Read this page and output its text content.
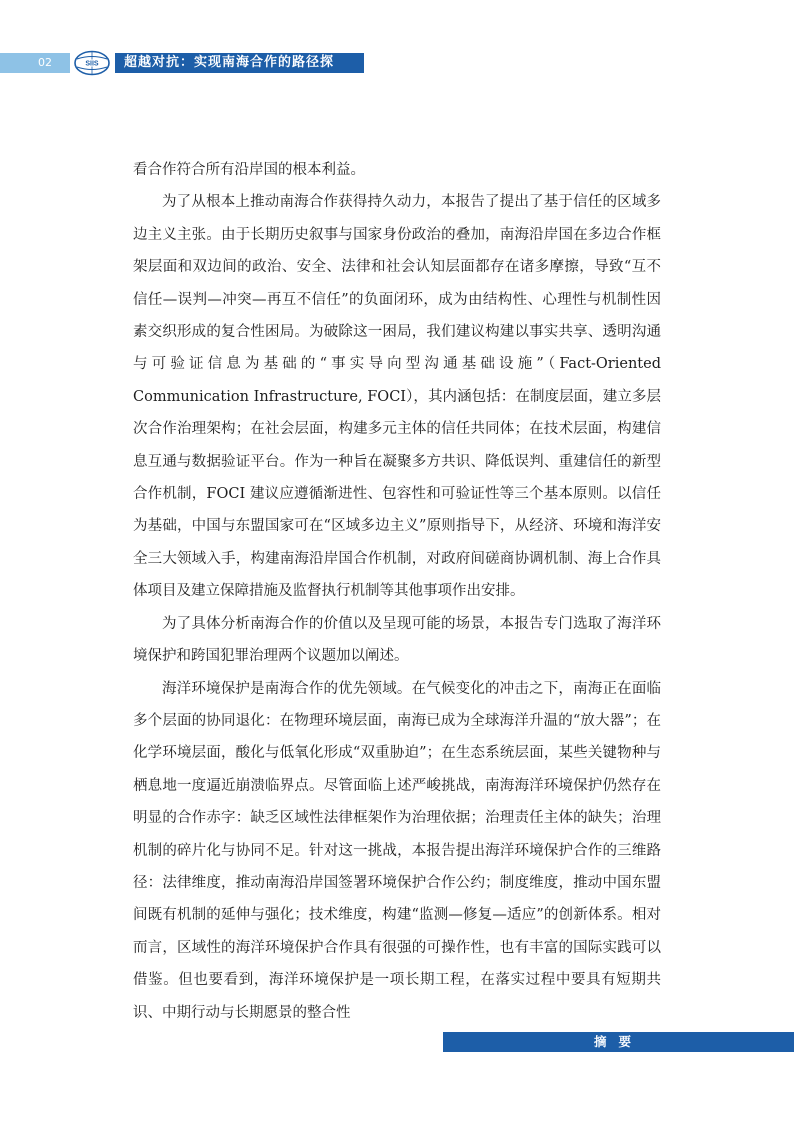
02	SIIS 超越对抗：实现南海合作的路径探

看合作符合所有沿岸国的根本利益。

为了从根本上推动南海合作获得持久动力，本报告了提出了基于信任的区域多边主义主张。由于长期历史叙事与国家身份政治的叠加，南海沿岸国在多边合作框架层面和双边间的政治、安全、法律和社会认知层面都存在诸多摩擦，导致“互不信任—误判—冲突—再互不信任”的负面闭环，成为由结构性、心理性与机制性因素交织形成的复合性困局。为破除这一困局，我们建议构建以事实共享、透明沟通与可验证信息为基础的“事实导向型沟通基础设施”（Fact-Oriented Communication Infrastructure, FOCI），其内涵包括：在制度层面，建立多层次合作治理架构；在社会层面，构建多元主体的信任共同体；在技术层面，构建信息互通与数据验证平台。作为一种旨在凝聚多方共识、降低误判、重建信任的新型合作机制，FOCI 建议应遵循渐进性、包容性和可验证性等三个基本原则。以信任为基础，中国与东盟国家可在“区域多边主义”原则指导下，从经济、环境和海洋安全三大领域入手，构建南海沿岸国合作机制，对政府间磋商协调机制、海上合作具体项目及建立保障措施及监督执行机制等其他事项作出安排。

为了具体分析南海合作的价值以及呈现可能的场景，本报告专门选取了海洋环境保护和跨国犯罪治理两个议题加以阐述。

海洋环境保护是南海合作的优先领域。在气候变化的冲击之下，南海正在面临多个层面的协同退化：在物理环境层面，南海已成为全球海洋升温的“放大器”；在化学环境层面，酸化与低氧化形成“双重胁迫”；在生态系统层面，某些关键物种与栖息地一度逼近崩溃临界点。尽管面临上述严峻挑战，南海海洋环境保护仍然存在明显的合作赤字：缺乏区域性法律框架作为治理依据；治理责任主体的缺失；治理机制的碎片化与协同不足。针对这一挑战，本报告提出海洋环境保护合作的三维路径：法律维度，推动南海沿岸国签署环境保护合作公约；制度维度，推动中国东盟间既有机制的延伸与强化；技术维度，构建“监测—修复—适应”的创新体系。相对而言，区域性的海洋环境保护合作具有很强的可操作性，也有丰富的国际实践可以借鉴。但也要看到，海洋环境保护是一项长期工程，在落实过程中要具有短期共识、中期行动与长期愿景的整合性

摘要
